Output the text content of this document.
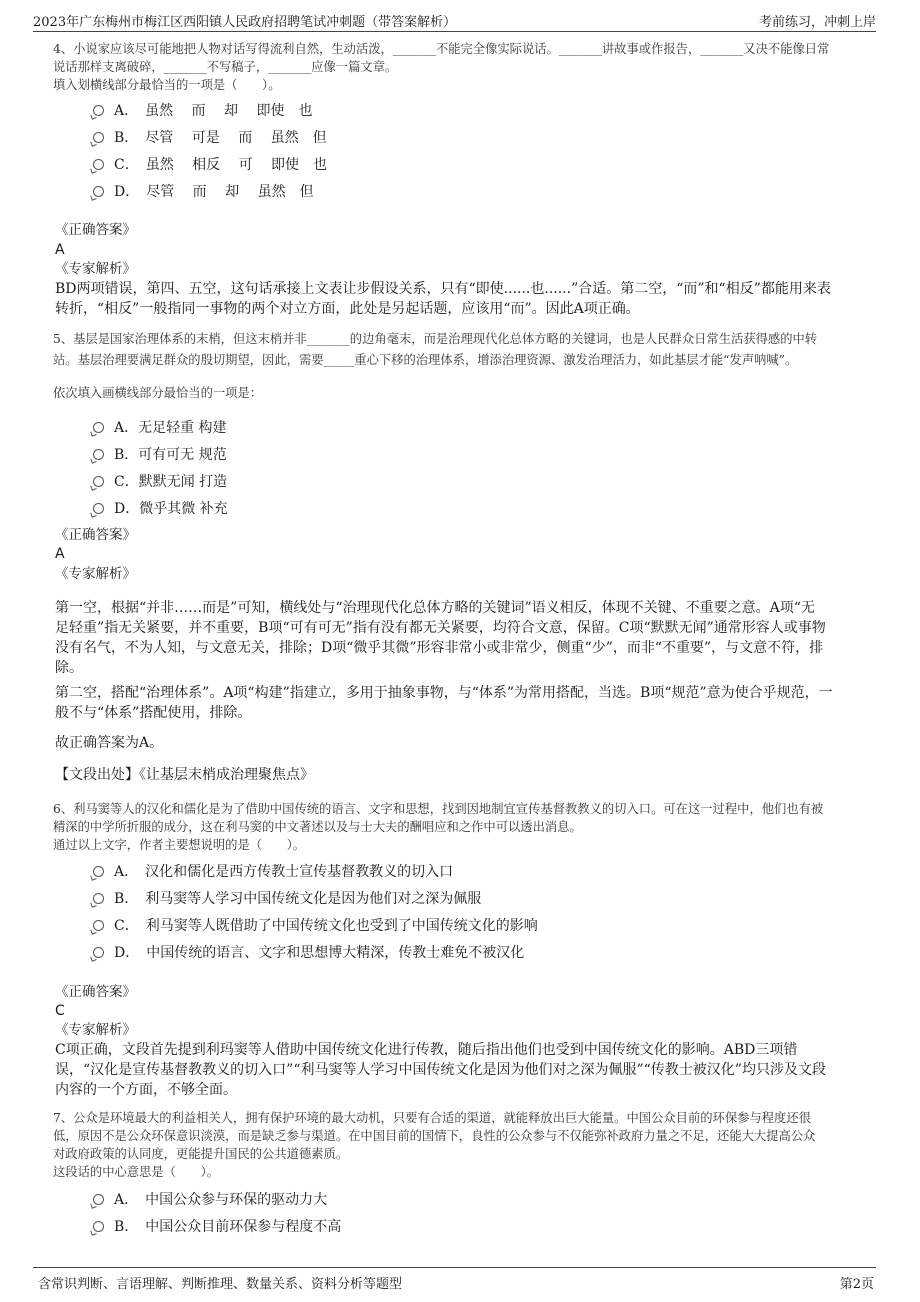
2023年广东梅州市梅江区西阳镇人民政府招聘笔试冲刺题（带答案解析）	考前练习，冲刺上岸

4、小说家应该尽可能地把人物对话写得流利自然，生动活泼，_______不能完全像实际说话。_______讲故事或作报告，_______又决不能像日常

说话那样支离破碎，_______不写稿子，_______应像一篇文章。

填入划横线部分最恰当的一项是（　　）。

A．　虽然　 而　 却　 即使　也
B．　尽管　 可是　 而　 虽然　但
C．　虽然　 相反　 可　 即使　也
D．　尽管　 而　 却　 虽然　但
《正确答案》
A
《专家解析》

BD两项错误，第四、五空，这句话承接上文表让步假设关系，只有“即使......也......”合适。第二空，“而”和“相反”都能用来表

转折，“相反”一般指同一事物的两个对立方面，此处是另起话题，应该用“而”。因此A项正确。

5、基层是国家治理体系的末梢，但这末梢并非_______的边角毫末，而是治理现代化总体方略的关键词，也是人民群众日常生活获得感的中转

站。基层治理要满足群众的殷切期望，因此，需要_____重心下移的治理体系，增添治理资源、激发治理活力，如此基层才能“发声呐喊”。

依次填入画横线部分最恰当的一项是：
A．无足轻重 构建
B．可有可无 规范
C．默默无闻 打造
D．微乎其微 补充
《正确答案》
A
《专家解析》

第一空，根据“并非……而是”可知，横线处与“治理现代化总体方略的关键词”语义相反，体现不关键、不重要之意。A项“无

足轻重”指无关紧要，并不重要，B项“可有可无”指有没有都无关紧要，均符合文意，保留。C项“默默无闻”通常形容人或事物

没有名气，不为人知，与文意无关，排除；D项“微乎其微”形容非常小或非常少，侧重“少”，而非“不重要”，与文意不符，排

除。

第二空，搭配“治理体系”。A项“构建”指建立，多用于抽象事物，与“体系”为常用搭配，当选。B项“规范”意为使合乎规范，一

般不与“体系”搭配使用，排除。

故正确答案为A。
【文段出处】《让基层末梢成治理聚焦点》

6、利马窦等人的汉化和儒化是为了借助中国传统的语言、文字和思想，找到因地制宜宣传基督教教义的切入口。可在这一过程中，他们也有被

精深的中学所折服的成分，这在利马窦的中文著述以及与士大夫的酬唱应和之作中可以透出消息。

通过以上文字，作者主要想说明的是（　　）。

A．　汉化和儒化是西方传教士宣传基督教教义的切入口
B．　利马窦等人学习中国传统文化是因为他们对之深为佩服
C．　利马窦等人既借助了中国传统文化也受到了中国传统文化的影响
D．　中国传统的语言、文字和思想博大精深，传教士难免不被汉化
《正确答案》
C
《专家解析》

C项正确，文段首先提到利玛窦等人借助中国传统文化进行传教，随后指出他们也受到中国传统文化的影响。ABD三项错

误，“汉化是宣传基督教教义的切入口”“利马窦等人学习中国传统文化是因为他们对之深为佩服”“传教士被汉化”均只涉及文段

内容的一个方面，不够全面。

7、公众是环境最大的利益相关人，拥有保护环境的最大动机，只要有合适的渠道，就能释放出巨大能量。中国公众目前的环保参与程度还很

低，原因不是公众环保意识淡漠，而是缺乏参与渠道。在中国目前的国情下，良性的公众参与不仅能弥补政府力量之不足，还能大大提高公众

对政府政策的认同度，更能提升国民的公共道德素质。

这段话的中心意思是（　　）。

A．　中国公众参与环保的驱动力大
B．　中国公众目前环保参与程度不高
含常识判断、言语理解、判断推理、数量关系、资料分析等题型	第2页
